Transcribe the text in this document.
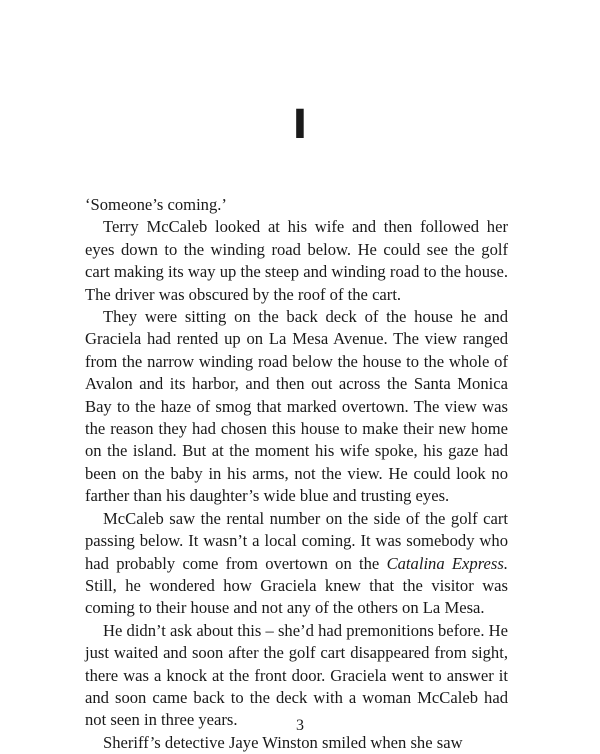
I

‘Someone’s coming.’

Terry McCaleb looked at his wife and then followed her eyes down to the winding road below. He could see the golf cart making its way up the steep and winding road to the house. The driver was obscured by the roof of the cart.

They were sitting on the back deck of the house he and Graciela had rented up on La Mesa Avenue. The view ranged from the narrow winding road below the house to the whole of Avalon and its harbor, and then out across the Santa Monica Bay to the haze of smog that marked overtown. The view was the reason they had chosen this house to make their new home on the island. But at the moment his wife spoke, his gaze had been on the baby in his arms, not the view. He could look no farther than his daughter’s wide blue and trusting eyes.

McCaleb saw the rental number on the side of the golf cart passing below. It wasn’t a local coming. It was somebody who had probably come from overtown on the Catalina Express. Still, he wondered how Graciela knew that the visitor was coming to their house and not any of the others on La Mesa.

He didn’t ask about this – she’d had premonitions before. He just waited and soon after the golf cart disappeared from sight, there was a knock at the front door. Graciela went to answer it and soon came back to the deck with a woman McCaleb had not seen in three years.

Sheriff’s detective Jaye Winston smiled when she saw

3
